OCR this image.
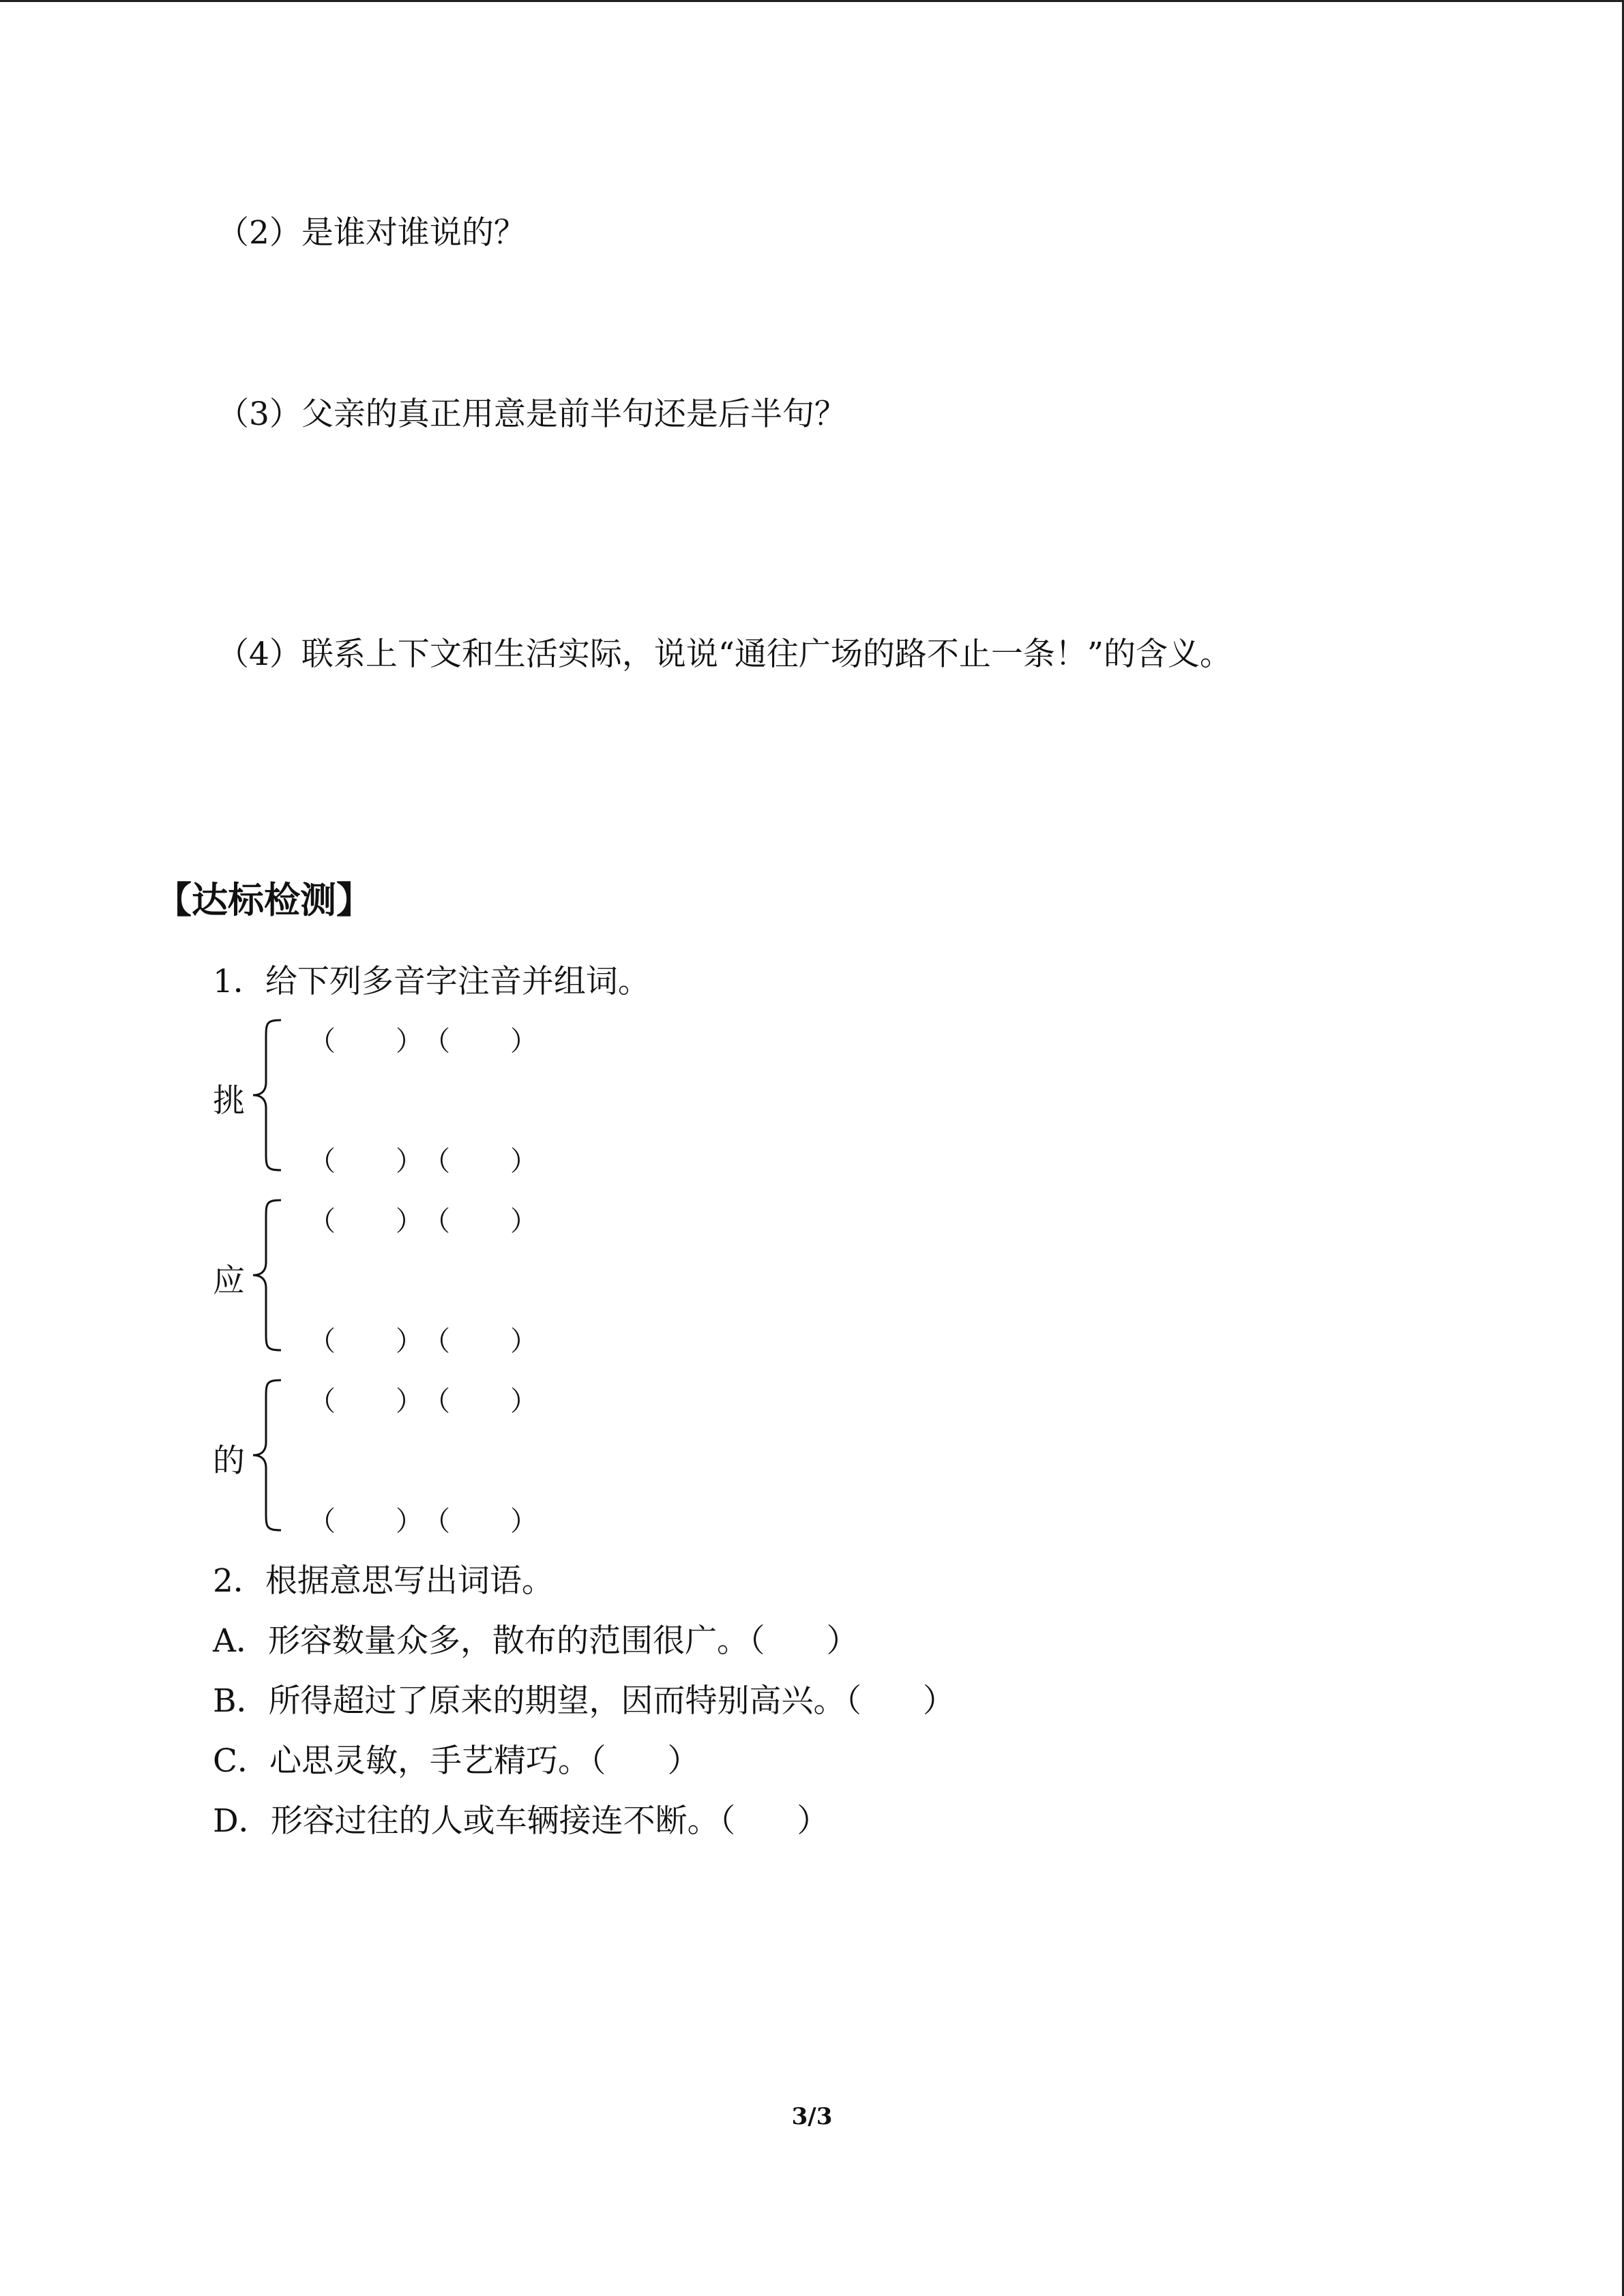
（2）是谁对谁说的？
（3）父亲的真正用意是前半句还是后半句？
（4）联系上下文和生活实际，说说“通往广场的路不止一条！”的含义。
【达标检测】
1．给下列多音字注音并组词。
挑
（ ）（ ）
（ ）（ ）
应
（ ）（ ）
（ ）（ ）
的
（ ）（ ）
（ ）（ ）
2．根据意思写出词语。
A．形容数量众多，散布的范围很广。（ ）
B．所得超过了原来的期望，因而特别高兴。（ ）
C．心思灵敏，手艺精巧。（ ）
D．形容过往的人或车辆接连不断。（ ）
3/3
